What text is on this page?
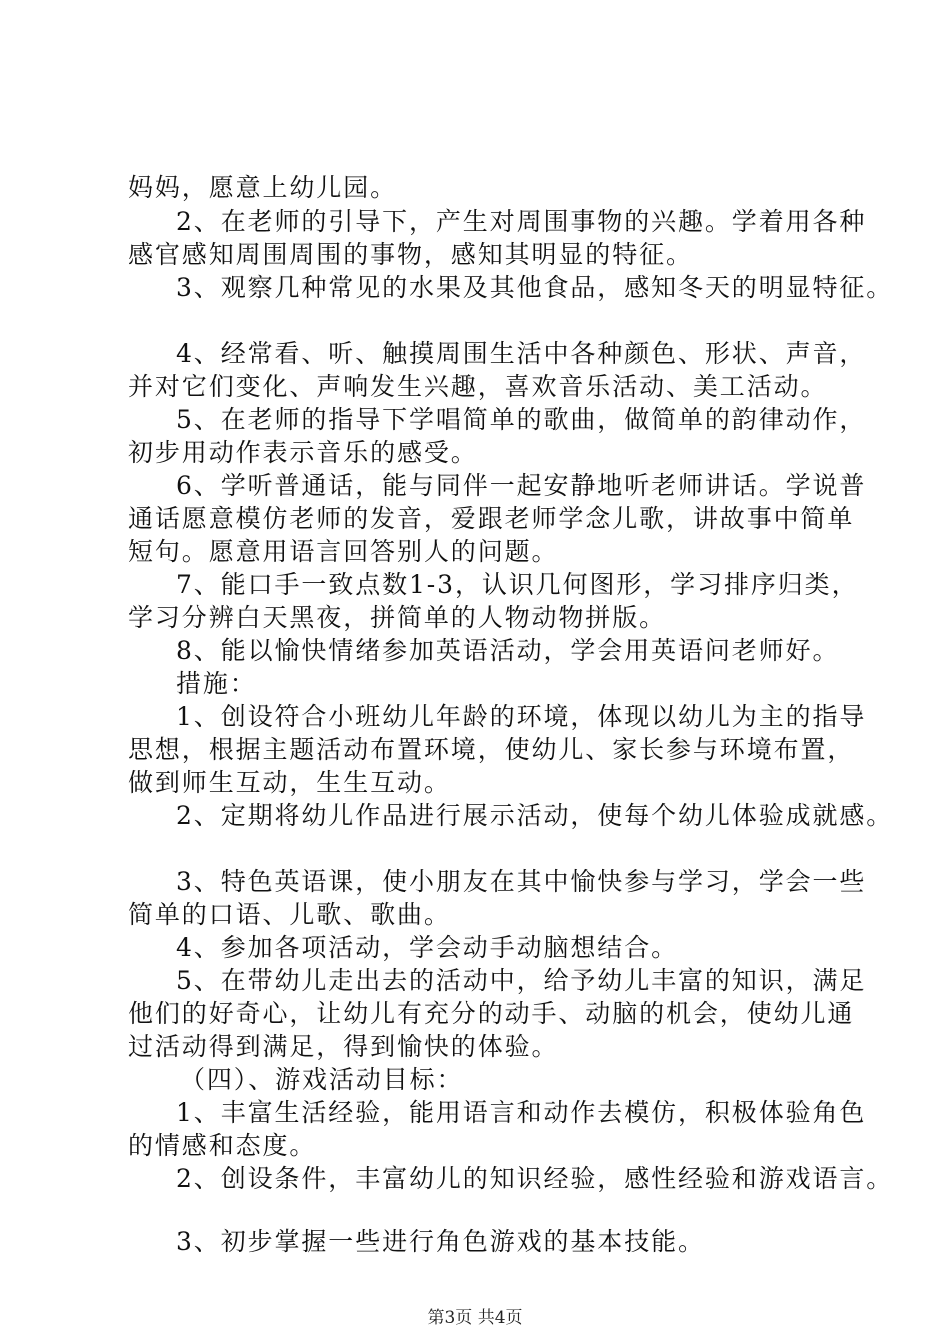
妈妈，愿意上幼儿园。
2、在老师的引导下，产生对周围事物的兴趣。学着用各种
感官感知周围周围的事物，感知其明显的特征。
3、观察几种常见的水果及其他食品，感知冬天的明显特征。
4、经常看、听、触摸周围生活中各种颜色、形状、声音，
并对它们变化、声响发生兴趣，喜欢音乐活动、美工活动。
5、在老师的指导下学唱简单的歌曲，做简单的韵律动作，
初步用动作表示音乐的感受。
6、学听普通话，能与同伴一起安静地听老师讲话。学说普
通话愿意模仿老师的发音，爱跟老师学念儿歌，讲故事中简单
短句。愿意用语言回答别人的问题。
7、能口手一致点数1-3，认识几何图形，学习排序归类，
学习分辨白天黑夜，拼简单的人物动物拼版。
8、能以愉快情绪参加英语活动，学会用英语问老师好。
措施：
1、创设符合小班幼儿年龄的环境，体现以幼儿为主的指导
思想，根据主题活动布置环境，使幼儿、家长参与环境布置，
做到师生互动，生生互动。
2、定期将幼儿作品进行展示活动，使每个幼儿体验成就感。
3、特色英语课，使小朋友在其中愉快参与学习，学会一些
简单的口语、儿歌、歌曲。
4、参加各项活动，学会动手动脑想结合。
5、在带幼儿走出去的活动中，给予幼儿丰富的知识，满足
他们的好奇心，让幼儿有充分的动手、动脑的机会，使幼儿通
过活动得到满足，得到愉快的体验。
（四）、游戏活动目标：
1、丰富生活经验，能用语言和动作去模仿，积极体验角色
的情感和态度。
2、创设条件，丰富幼儿的知识经验，感性经验和游戏语言。
3、初步掌握一些进行角色游戏的基本技能。
第3页 共4页
